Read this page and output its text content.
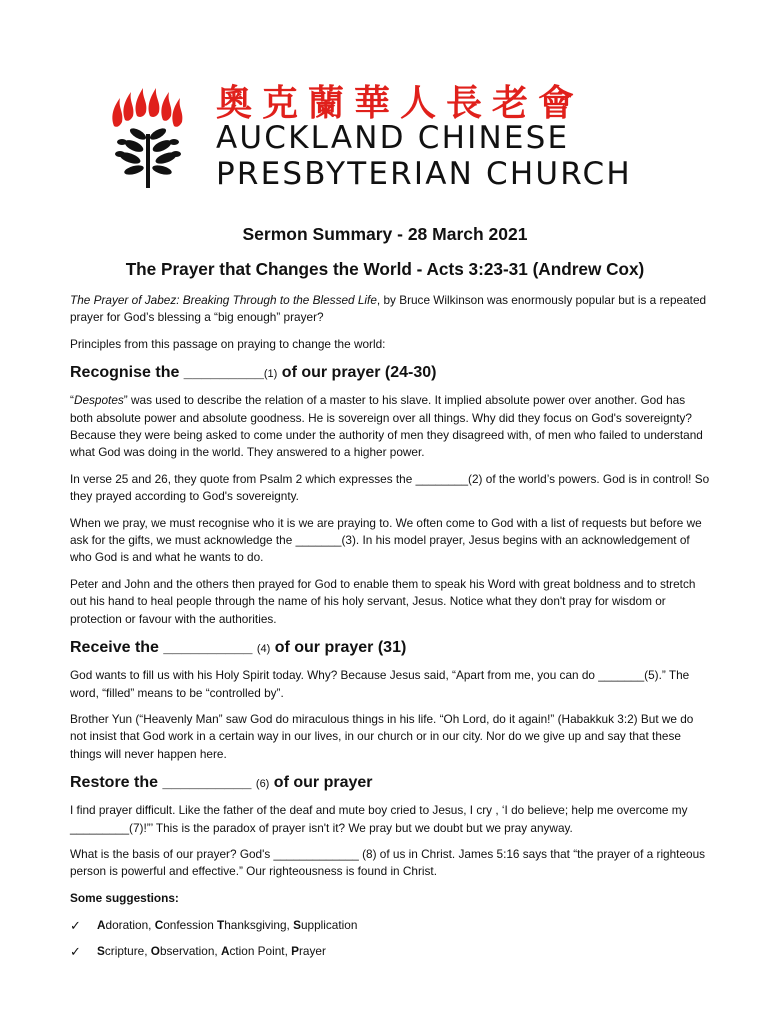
奧克蘭華人長老會
AUCKLAND CHINESE
PRESBYTERIAN CHURCH
Sermon Summary - 28 March 2021
The Prayer that Changes the World - Acts 3:23-31 (Andrew Cox)

The Prayer of Jabez: Breaking Through to the Blessed Life, by Bruce Wilkinson was enormously popular but is a repeated prayer for God’s blessing a “big enough” prayer?

Principles from this passage on praying to change the world:

Recognise the _________(1) of our prayer (24-30)

“Despotes” was used to describe the relation of a master to his slave. It implied absolute power over another. God has both absolute power and absolute goodness. He is sovereign over all things. Why did they focus on God's sovereignty? Because they were being asked to come under the authority of men they disagreed with, of men who failed to understand what God was doing in the world. They answered to a higher power.

In verse 25 and 26, they quote from Psalm 2 which expresses the ________(2) of the world’s powers. God is in control! So they prayed according to God's sovereignty.

When we pray, we must recognise who it is we are praying to. We often come to God with a list of requests but before we ask for the gifts, we must acknowledge the _______(3). In his model prayer, Jesus begins with an acknowledgement of who God is and what he wants to do.

Peter and John and the others then prayed for God to enable them to speak his Word with great boldness and to stretch out his hand to heal people through the name of his holy servant, Jesus. Notice what they don't pray for wisdom or protection or favour with the authorities.

Receive the __________ (4) of our prayer (31)

God wants to fill us with his Holy Spirit today. Why? Because Jesus said, “Apart from me, you can do _______(5).” The word, “filled” means to be “controlled by”.

Brother Yun (“Heavenly Man” saw God do miraculous things in his life. “Oh Lord, do it again!” (Habakkuk 3:2) But we do not insist that God work in a certain way in our lives, in our church or in our city. Nor do we give up and say that these things will never happen here.

Restore the __________ (6) of our prayer

I find prayer difficult. Like the father of the deaf and mute boy cried to Jesus, I cry , ‘I do believe; help me overcome my _________(7)!”’ This is the paradox of prayer isn't it? We pray but we doubt but we pray anyway.

What is the basis of our prayer? God's _____________ (8) of us in Christ. James 5:16 says that “the prayer of a righteous person is powerful and effective.” Our righteousness is found in Christ.

Some suggestions:
✓	Adoration, Confession Thanksgiving, Supplication
✓	Scripture, Observation, Action Point, Prayer
